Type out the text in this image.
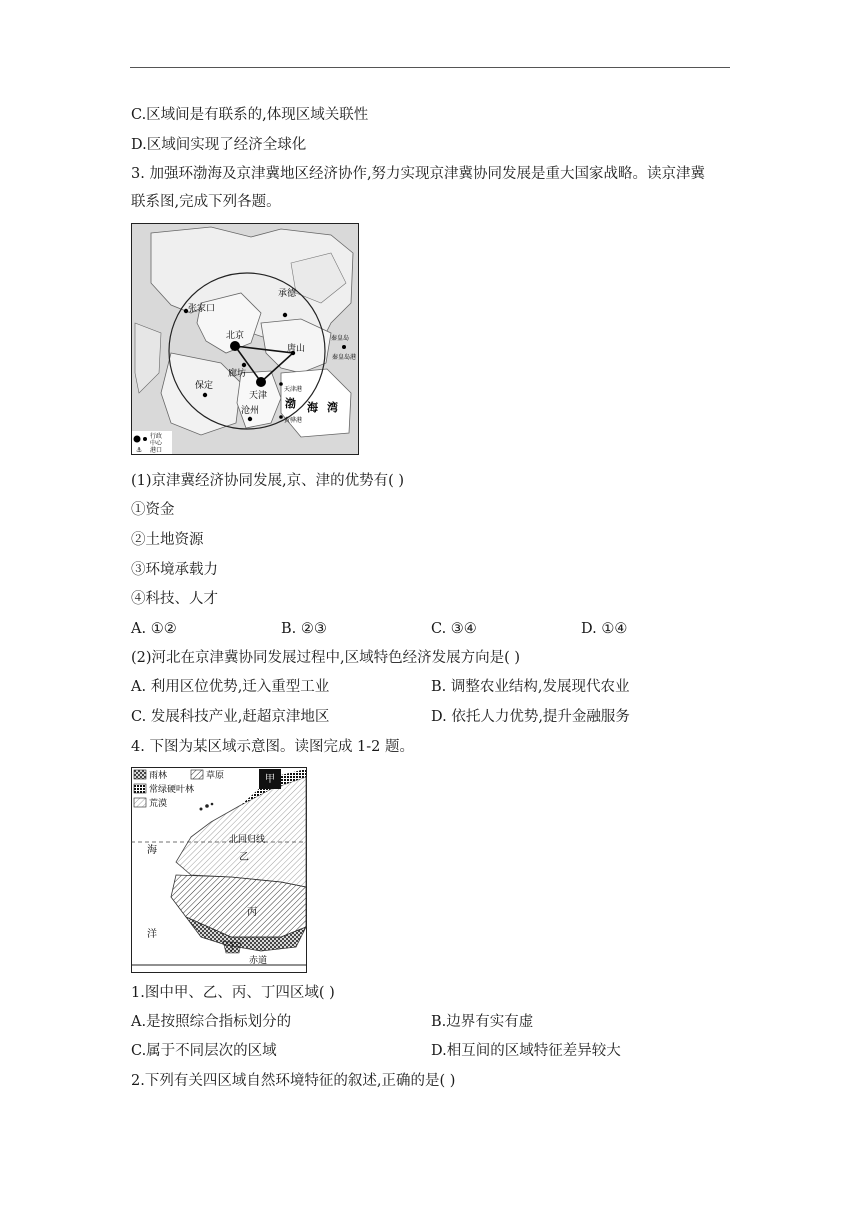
C.区域间是有联系的,体现区域关联性
D.区域间实现了经济全球化
3. 加强环渤海及京津冀地区经济协作,努力实现京津冀协同发展是重大国家战略。读京津冀
联系图,完成下列各题。
张家口
承德
北京
唐山
秦皇岛
秦皇岛港
廊坊
天津
天津港
保定
沧州
黄骅港
渤 海 湾
行政
中心
⚓ 港口
(1)京津冀经济协同发展,京、津的优势有( )
①资金
②土地资源
③环境承载力
④科技、人才
A. ①②	B. ②③	C. ③④	D. ①④
(2)河北在京津冀协同发展过程中,区域特色经济发展方向是( )
A. 利用区位优势,迁入重型工业	B. 调整农业结构,发展现代农业
C. 发展科技产业,赶超京津地区	D. 依托人力优势,提升金融服务
4. 下图为某区域示意图。读图完成 1-2 题。
雨林	草原
常绿硬叶林
荒漠
甲
北回归线
乙
丙
丁
海
洋
赤道
1.图中甲、乙、丙、丁四区域( )
A.是按照综合指标划分的	B.边界有实有虚
C.属于不同层次的区域	D.相互间的区域特征差异较大
2.下列有关四区域自然环境特征的叙述,正确的是( )
